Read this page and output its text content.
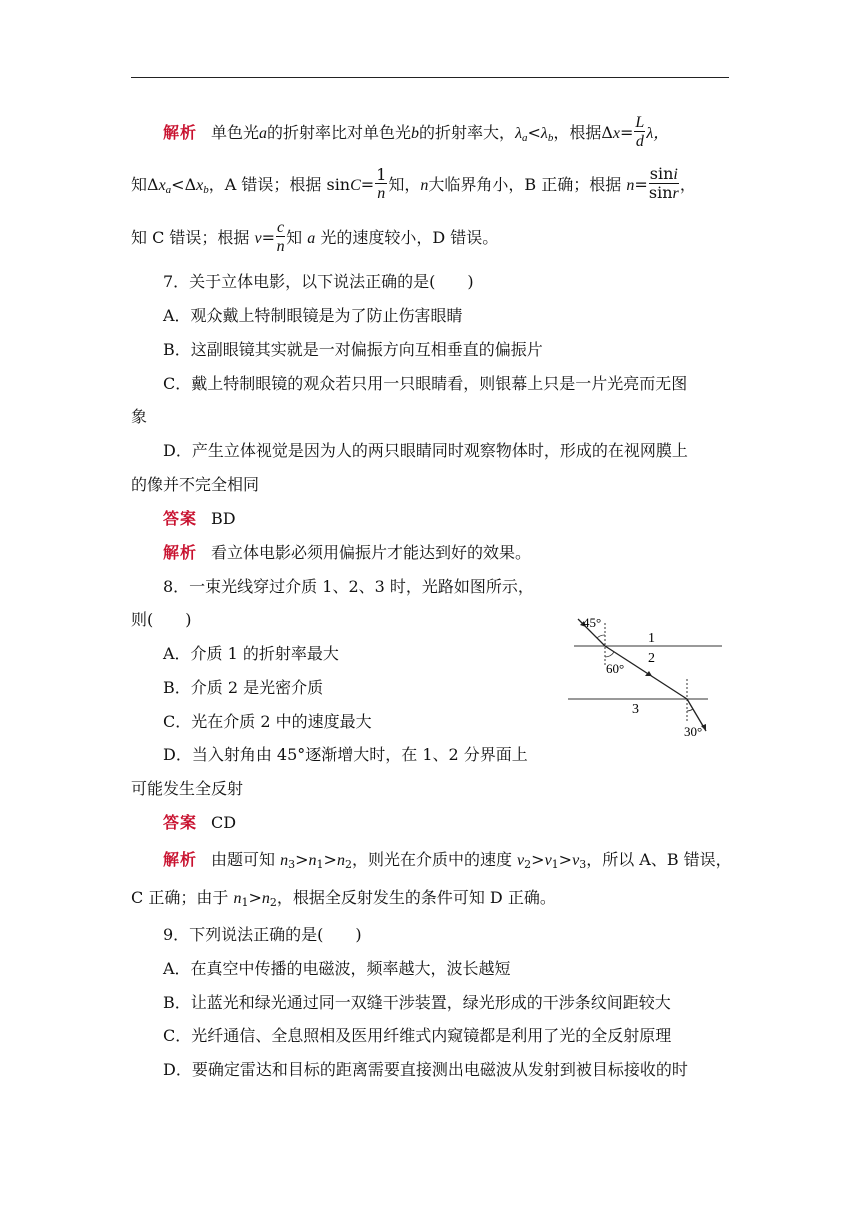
解析 单色光a的折射率比对单色光b的折射率大，$\lambda_a<\lambda_b$，根据$\Delta x= \frac{L}{d}$ λ，
知$\Delta x_a<\Delta x_b$，A 错误；根据 $\sin C= \frac{1}{n}$ 知，n大临界角小，B 正确；根据 $n= \frac{\sin i}{\sin r}$ ，
知 C 错误；根据 $v= \frac{c}{n}$ 知 a 光的速度较小，D 错误。
7．关于立体电影，以下说法正确的是(　　)
A．观众戴上特制眼镜是为了防止伤害眼睛
B．这副眼镜其实就是一对偏振方向互相垂直的偏振片
C．戴上特制眼镜的观众若只用一只眼睛看，则银幕上只是一片光亮而无图
象
D．产生立体视觉是因为人的两只眼睛同时观察物体时，形成的在视网膜上
的像并不完全相同
答案 BD
解析 看立体电影必须用偏振片才能达到好的效果。
8．一束光线穿过介质 1、2、3 时，光路如图所示，
则(　　)
A．介质 1 的折射率最大
B．介质 2 是光密介质
C．光在介质 2 中的速度最大
D．当入射角由 45°逐渐增大时，在 1、2 分界面上
可能发生全反射
答案 CD
解析 由题可知 $n_3>n_1>n_2$，则光在介质中的速度 $v_2>v_1>v_3$，所以 A、B 错误，
C 正确；由于 $n_1>n_2$，根据全反射发生的条件可知 D 正确。
45°
60°
30°
1
2
3
9．下列说法正确的是(　　)
A．在真空中传播的电磁波，频率越大，波长越短
B．让蓝光和绿光通过同一双缝干涉装置，绿光形成的干涉条纹间距较大
C．光纤通信、全息照相及医用纤维式内窥镜都是利用了光的全反射原理
D．要确定雷达和目标的距离需要直接测出电磁波从发射到被目标接收的时
